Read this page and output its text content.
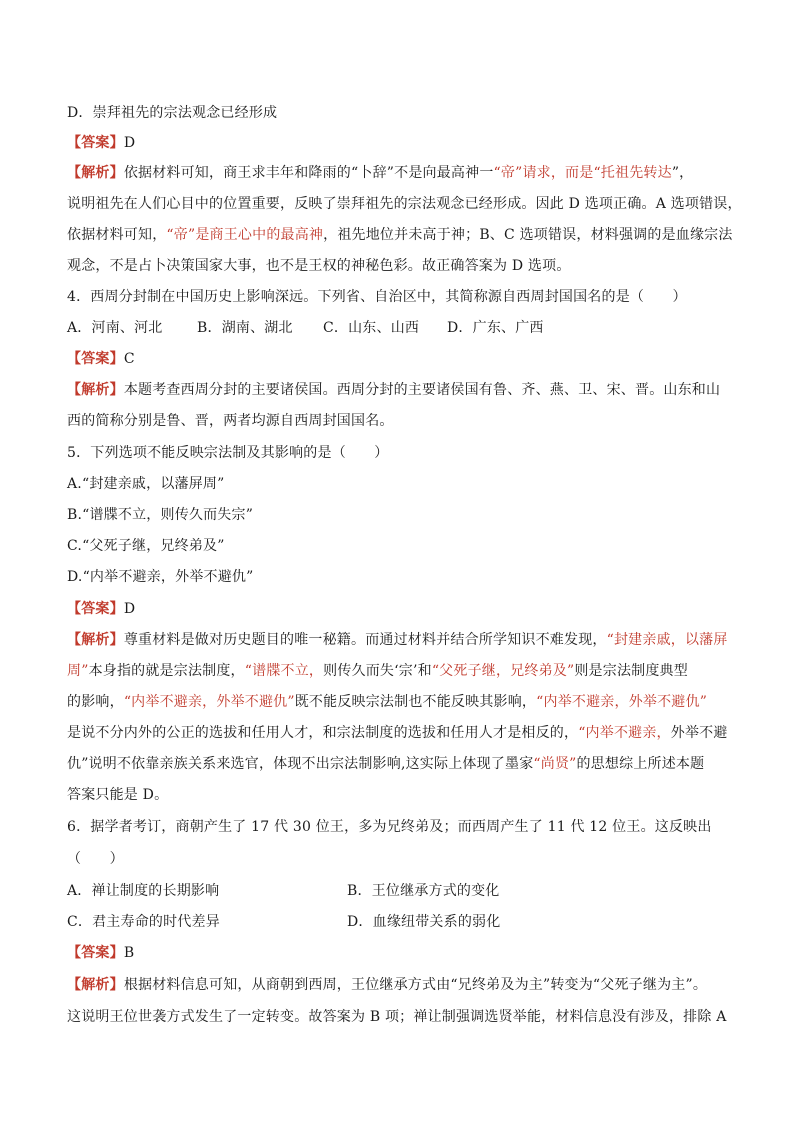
D．崇拜祖先的宗法观念已经形成
【答案】D
【解析】依据材料可知，商王求丰年和降雨的“卜辞”不是向最高神一“帝”请求，而是“托祖先转达”，
说明祖先在人们心目中的位置重要，反映了崇拜祖先的宗法观念已经形成。因此 D 选项正确。A 选项错误，
依据材料可知，“帝”是商王心中的最高神，祖先地位并未高于神；B、C 选项错误，材料强调的是血缘宗法
观念，不是占卜决策国家大事，也不是王权的神秘色彩。故正确答案为 D 选项。
4．西周分封制在中国历史上影响深远。下列省、自治区中，其简称源自西周封国国名的是（　　）
A．河南、河北 B．湖南、湖北 C．山东、山西 D．广东、广西
【答案】C
【解析】本题考查西周分封的主要诸侯国。西周分封的主要诸侯国有鲁、齐、燕、卫、宋、晋。山东和山
西的简称分别是鲁、晋，两者均源自西周封国国名。
5．下列选项不能反映宗法制及其影响的是（　　）
A.“封建亲戚，以藩屏周”
B.“谱牒不立，则传久而失宗”
C.“父死子继，兄终弟及”
D.“内举不避亲，外举不避仇”
【答案】D
【解析】尊重材料是做对历史题目的唯一秘籍。而通过材料并结合所学知识不难发现，“封建亲戚，以藩屏
周”本身指的就是宗法制度，“谱牒不立，则传久而失‘宗’和“父死子继，兄终弟及”则是宗法制度典型
的影响，“内举不避亲，外举不避仇”既不能反映宗法制也不能反映其影响，“内举不避亲，外举不避仇”
是说不分内外的公正的选拔和任用人才，和宗法制度的选拔和任用人才是相反的，“内举不避亲，外举不避
仇”说明不依靠亲族关系来选官，体现不出宗法制影响,这实际上体现了墨家“尚贤”的思想综上所述本题
答案只能是 D。
6．据学者考订，商朝产生了 17 代 30 位王，多为兄终弟及；而西周产生了 11 代 12 位王。这反映出
（　　）
A．禅让制度的长期影响	B．王位继承方式的变化
C．君主寿命的时代差异	D．血缘纽带关系的弱化
【答案】B
【解析】根据材料信息可知，从商朝到西周，王位继承方式由“兄终弟及为主”转变为“父死子继为主”。
这说明王位世袭方式发生了一定转变。故答案为 B 项；禅让制强调选贤举能，材料信息没有涉及，排除 A
